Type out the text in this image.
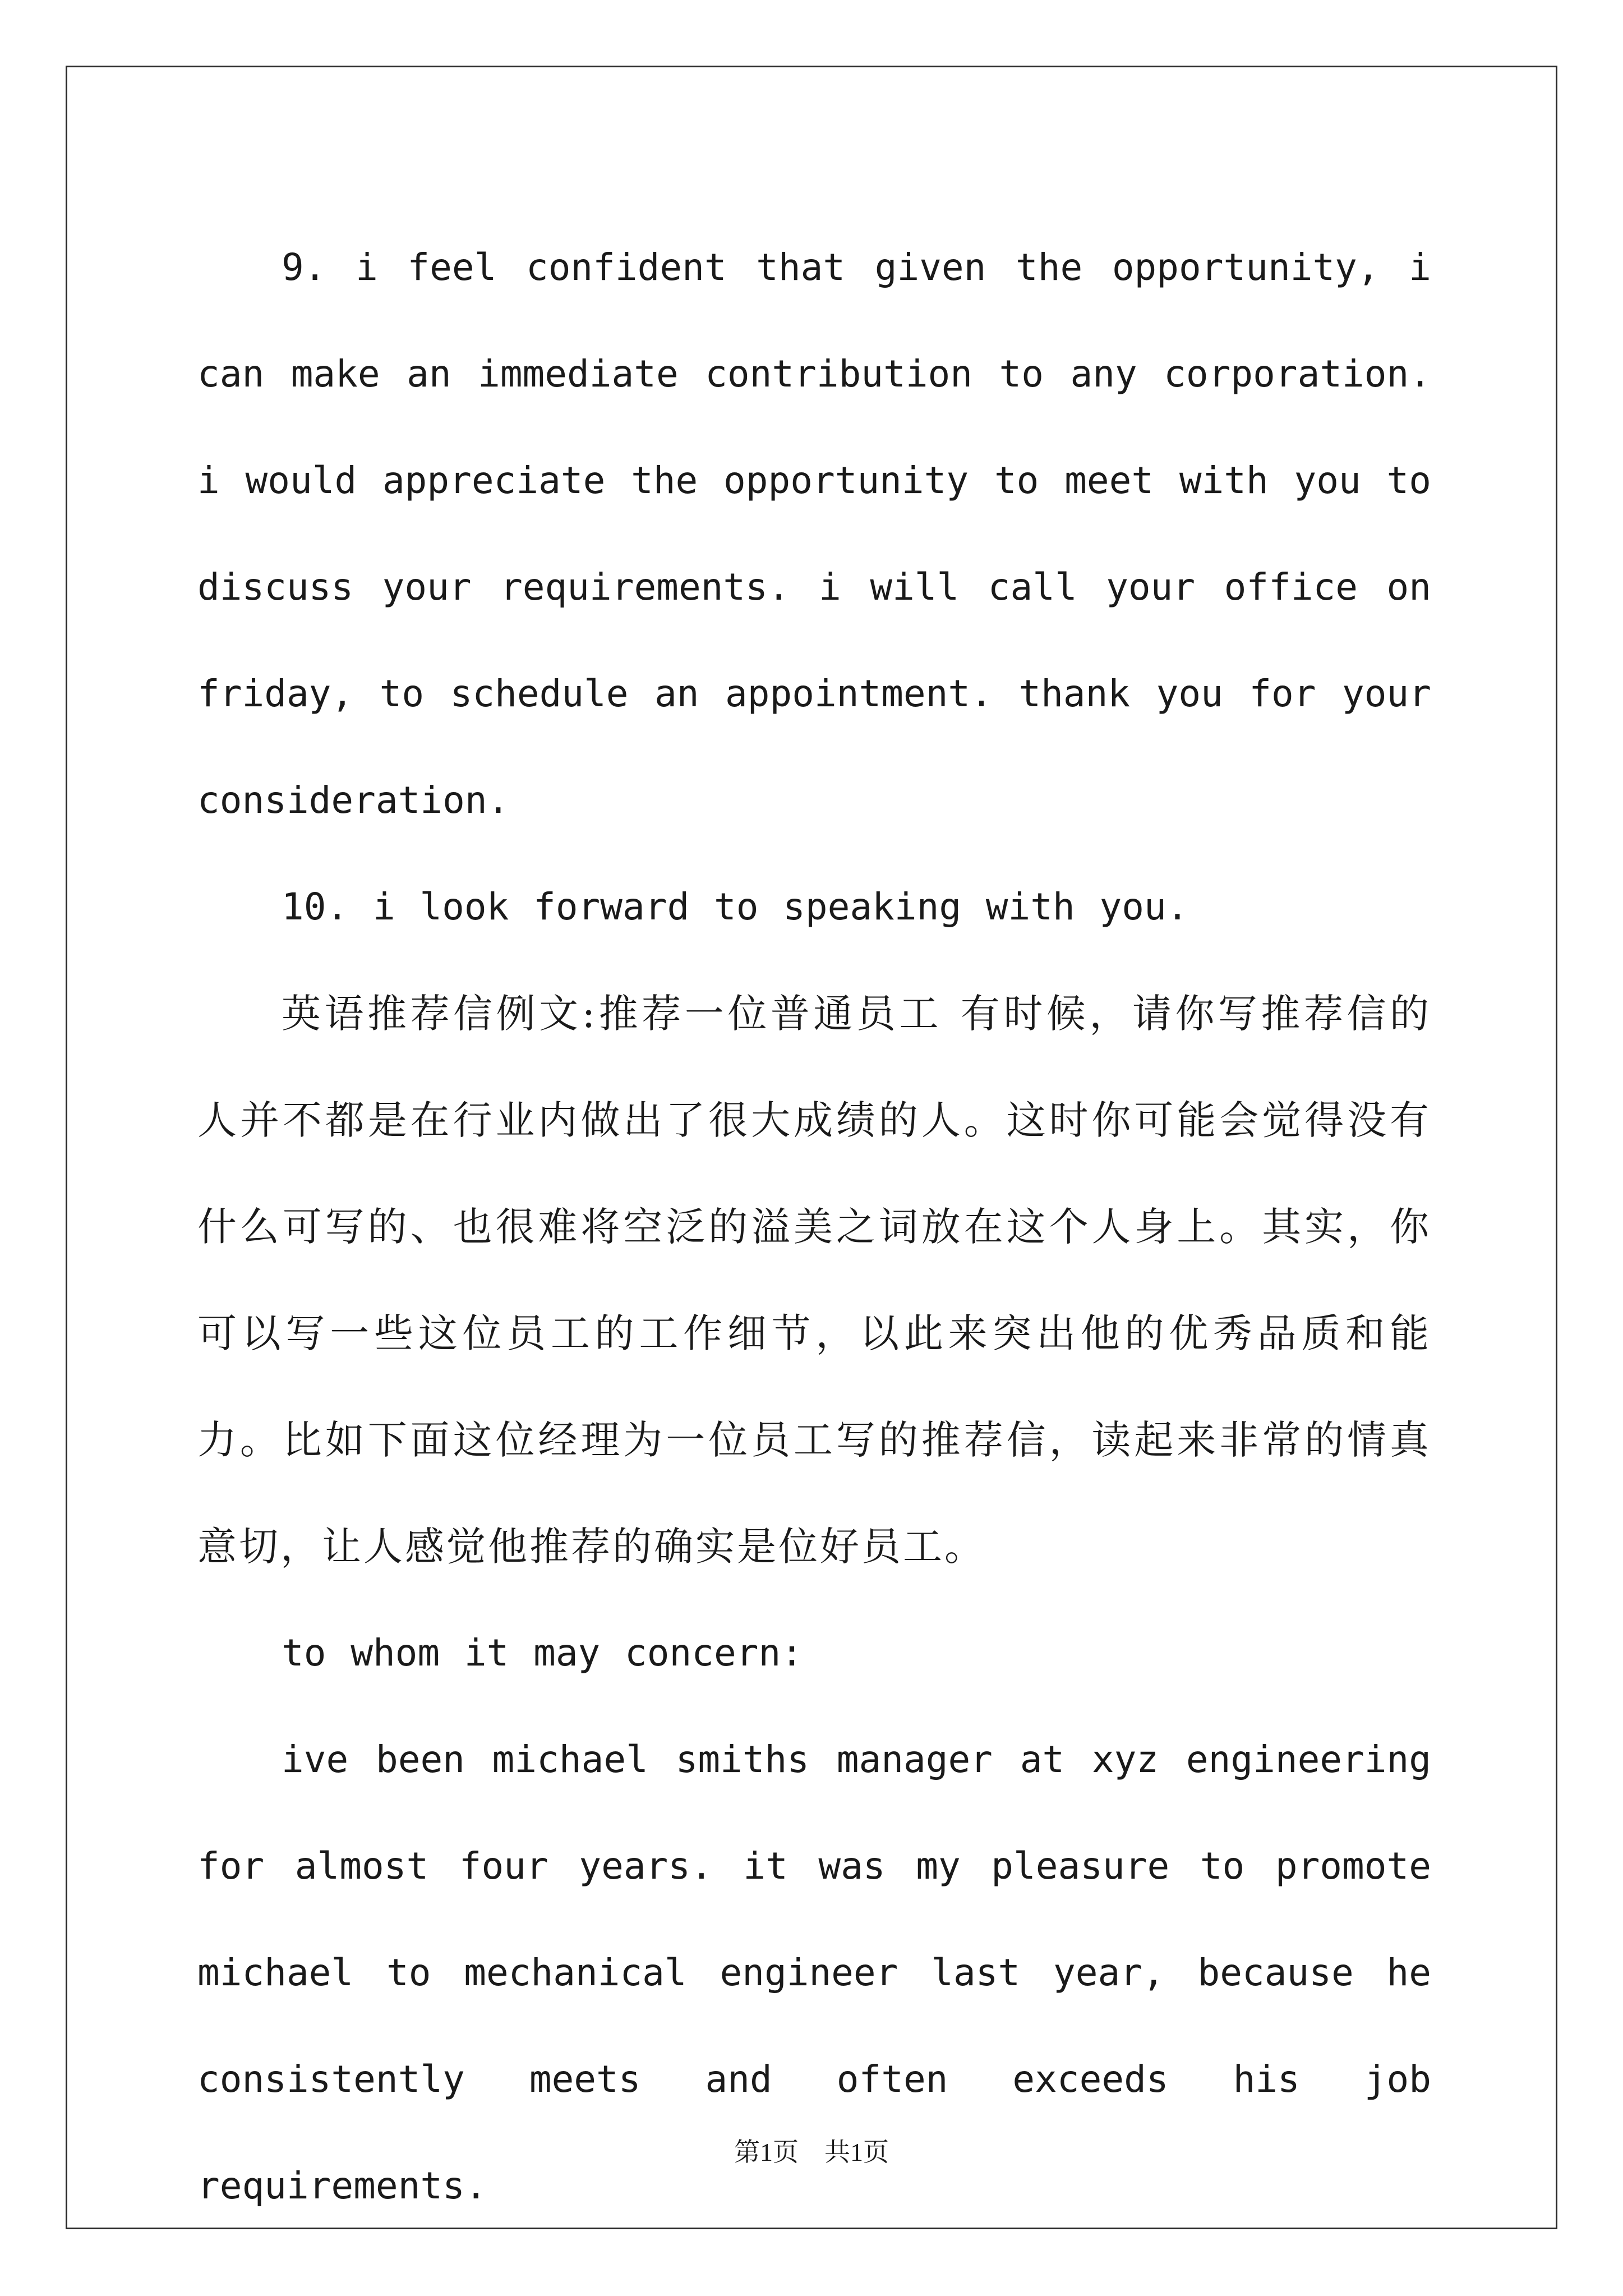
9. i feel confident that given the opportunity, i can make an immediate contribution to any corporation. i would appreciate the opportunity to meet with you to discuss your requirements. i will call your office on friday, to schedule an appointment. thank you for your consideration.

10. i look forward to speaking with you.

英语推荐信例文:推荐一位普通员工 有时候，请你写推荐信的人并不都是在行业内做出了很大成绩的人。这时你可能会觉得没有什么可写的、也很难将空泛的溢美之词放在这个人身上。其实，你可以写一些这位员工的工作细节，以此来突出他的优秀品质和能力。比如下面这位经理为一位员工写的推荐信，读起来非常的情真意切，让人感觉他推荐的确实是位好员工。

to whom it may concern:

ive been michael smiths manager at xyz engineering for almost four years. it was my pleasure to promote michael to mechanical engineer last year, because he consistently meets and often exceeds his job requirements.

第1页　共1页
